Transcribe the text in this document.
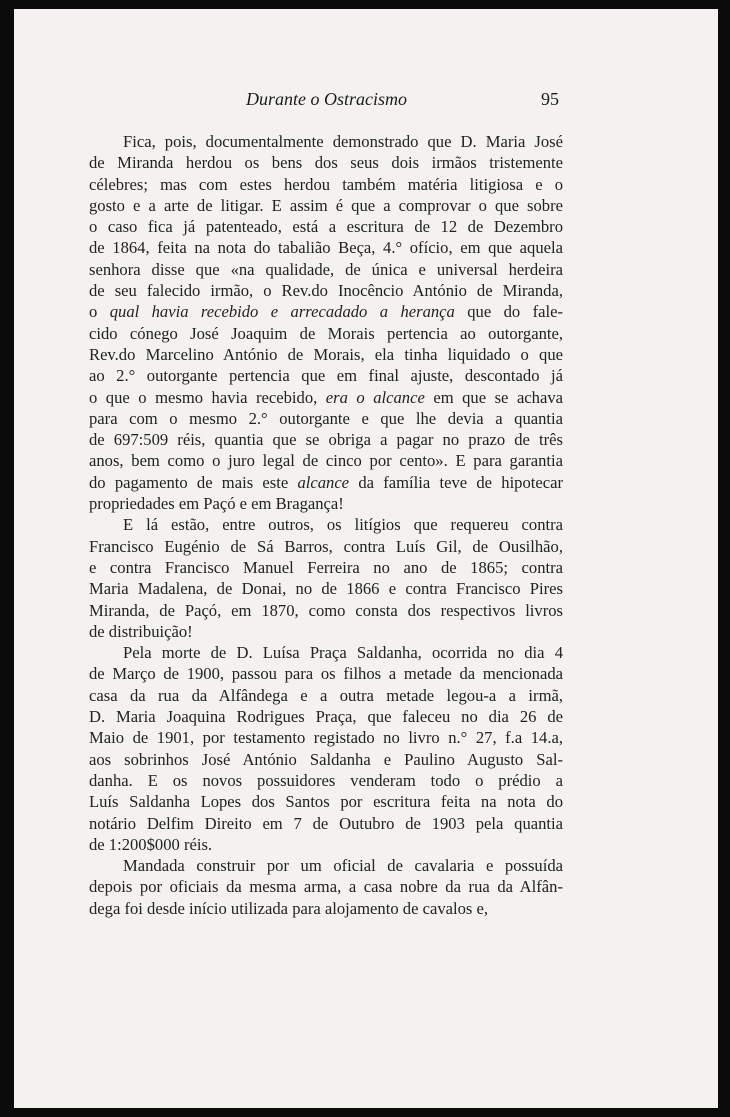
Durante o Ostracismo	95
Fica, pois, documentalmente demonstrado que D. Maria José
de Miranda herdou os bens dos seus dois irmãos tristemente
célebres; mas com estes herdou também matéria litigiosa e o
gosto e a arte de litigar. E assim é que a comprovar o que sobre
o caso fica já patenteado, está a escritura de 12 de Dezembro
de 1864, feita na nota do tabalião Beça, 4.° ofício, em que aquela
senhora disse que «na qualidade, de única e universal herdeira
de seu falecido irmão, o Rev.do Inocêncio António de Miranda,
o qual havia recebido e arrecadado a herança que do fale-
cido cónego José Joaquim de Morais pertencia ao outorgante,
Rev.do Marcelino António de Morais, ela tinha liquidado o que
ao 2.° outorgante pertencia que em final ajuste, descontado já
o que o mesmo havia recebido, era o alcance em que se achava
para com o mesmo 2.° outorgante e que lhe devia a quantia
de 697:509 réis, quantia que se obriga a pagar no prazo de três
anos, bem como o juro legal de cinco por cento». E para garantia
do pagamento de mais este alcance da família teve de hipotecar
propriedades em Paçó e em Bragança!
E lá estão, entre outros, os litígios que requereu contra
Francisco Eugénio de Sá Barros, contra Luís Gil, de Ousilhão,
e contra Francisco Manuel Ferreira no ano de 1865; contra
Maria Madalena, de Donai, no de 1866 e contra Francisco Pires
Miranda, de Paçó, em 1870, como consta dos respectivos livros
de distribuição!
Pela morte de D. Luísa Praça Saldanha, ocorrida no dia 4
de Março de 1900, passou para os filhos a metade da mencionada
casa da rua da Alfândega e a outra metade legou-a a irmã,
D. Maria Joaquina Rodrigues Praça, que faleceu no dia 26 de
Maio de 1901, por testamento registado no livro n.° 27, f.a 14.a,
aos sobrinhos José António Saldanha e Paulino Augusto Sal-
danha. E os novos possuidores venderam todo o prédio a
Luís Saldanha Lopes dos Santos por escritura feita na nota do
notário Delfim Direito em 7 de Outubro de 1903 pela quantia
de 1:200$000 réis.
Mandada construir por um oficial de cavalaria e possuída
depois por oficiais da mesma arma, a casa nobre da rua da Alfân-
dega foi desde início utilizada para alojamento de cavalos e,
